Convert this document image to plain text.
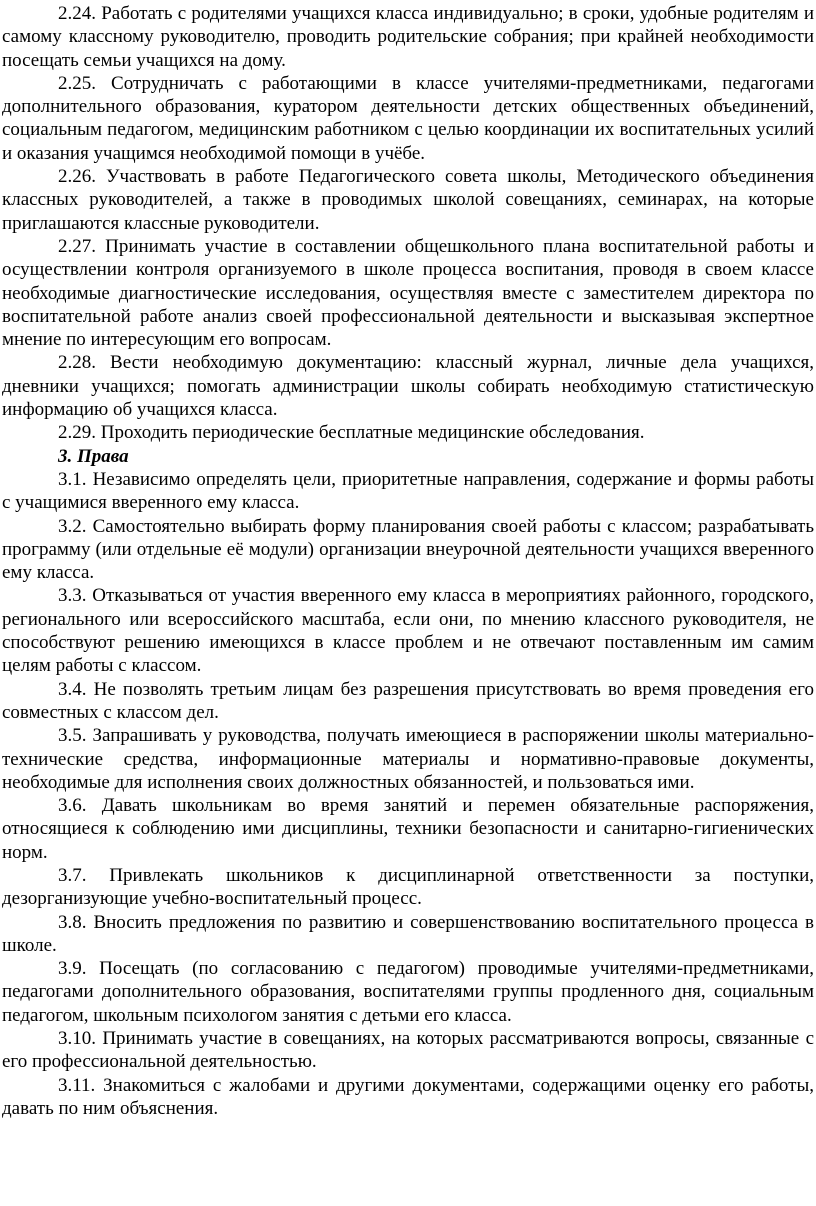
2.24. Работать с родителями учащихся класса индивидуально; в сроки, удобные родителям и самому классному руководителю, проводить родительские собрания; при крайней необходимости посещать семьи учащихся на дому.

2.25. Сотрудничать с работающими в классе учителями-предметниками, педагогами дополнительного образования, куратором деятельности детских общественных объединений, социальным педагогом, медицинским работником с целью координации их воспитательных усилий и оказания учащимся необходимой помощи в учёбе.

2.26. Участвовать в работе Педагогического совета школы, Методического объединения классных руководителей, а также в проводимых школой совещаниях, семинарах, на которые приглашаются классные руководители.

2.27. Принимать участие в составлении общешкольного плана воспитательной работы и осуществлении контроля организуемого в школе процесса воспитания, проводя в своем классе необходимые диагностические исследования, осуществляя вместе с заместителем директора по воспитательной работе анализ своей профессиональной деятельности и высказывая экспертное мнение по интересующим его вопросам.

2.28. Вести необходимую документацию: классный журнал, личные дела учащихся, дневники учащихся; помогать администрации школы собирать необходимую статистическую информацию об учащихся класса.

2.29. Проходить периодические бесплатные медицинские обследования.

3. Права

3.1. Независимо определять цели, приоритетные направления, содержание и формы работы с учащимися вверенного ему класса.

3.2. Самостоятельно выбирать форму планирования своей работы с классом; разрабатывать программу (или отдельные её модули) организации внеурочной деятельности учащихся вверенного ему класса.

3.3. Отказываться от участия вверенного ему класса в мероприятиях районного, городского, регионального или всероссийского масштаба, если они, по мнению классного руководителя, не способствуют решению имеющихся в классе проблем и не отвечают поставленным им самим целям работы с классом.

3.4. Не позволять третьим лицам без разрешения присутствовать во время проведения его совместных с классом дел.

3.5. Запрашивать у руководства, получать имеющиеся в распоряжении школы материально-технические средства, информационные материалы и нормативно-правовые документы, необходимые для исполнения своих должностных обязанностей, и пользоваться ими.

3.6. Давать школьникам во время занятий и перемен обязательные распоряжения, относящиеся к соблюдению ими дисциплины, техники безопасности и санитарно-гигиенических норм.

3.7. Привлекать школьников к дисциплинарной ответственности за поступки, дезорганизующие учебно-воспитательный процесс.

3.8. Вносить предложения по развитию и совершенствованию воспитательного процесса в школе.

3.9. Посещать (по согласованию с педагогом) проводимые учителями-предметниками, педагогами дополнительного образования, воспитателями группы продленного дня, социальным педагогом, школьным психологом занятия с детьми его класса.

3.10. Принимать участие в совещаниях, на которых рассматриваются вопросы, связанные с его профессиональной деятельностью.

3.11. Знакомиться с жалобами и другими документами, содержащими оценку его работы, давать по ним объяснения.
